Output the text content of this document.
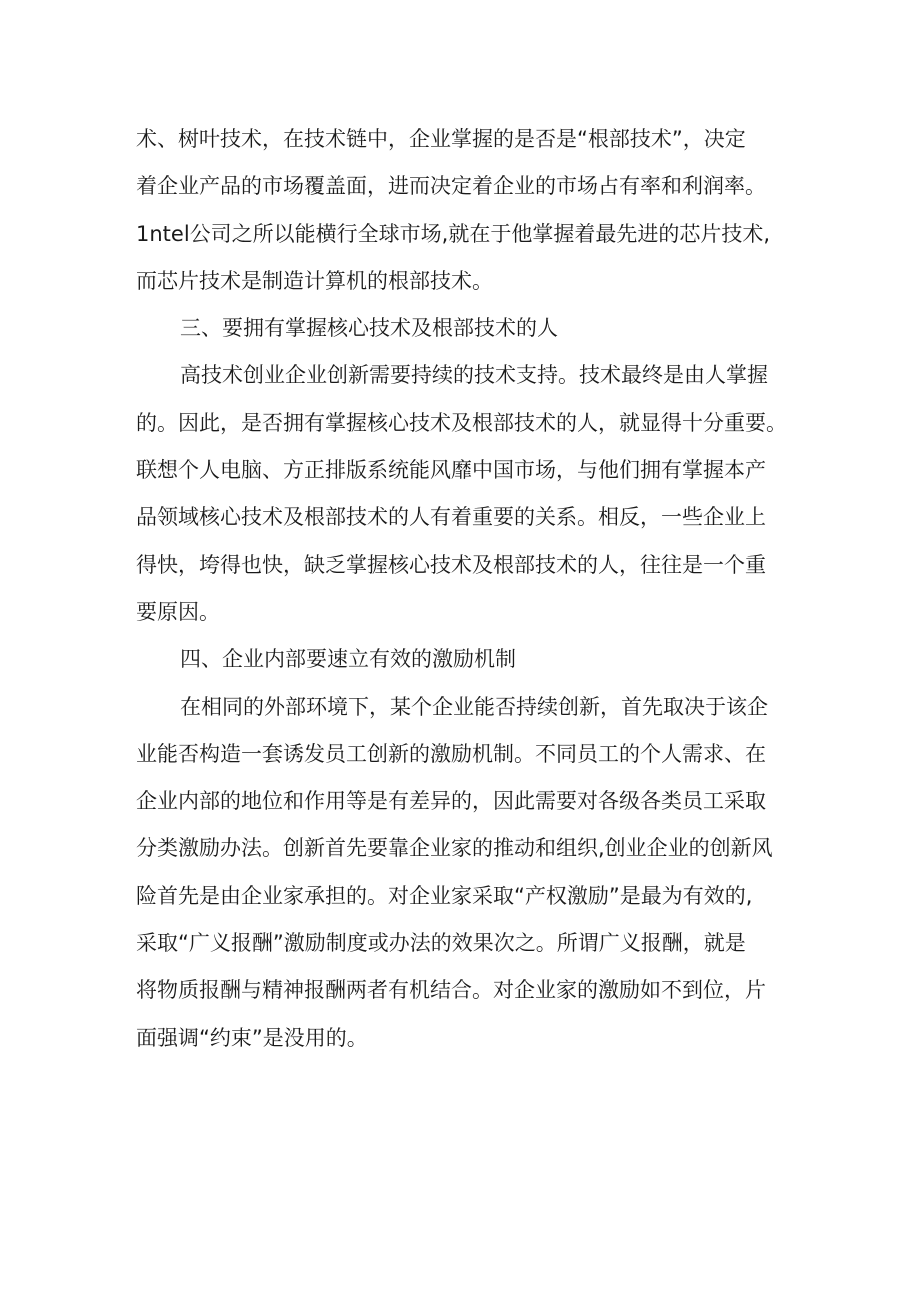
术、树叶技术，在技术链中，企业掌握的是否是“根部技术”，决定
着企业产品的市场覆盖面，进而决定着企业的市场占有率和利润率。
1ntel公司之所以能横行全球市场,就在于他掌握着最先进的芯片技术,
而芯片技术是制造计算机的根部技术。
三、要拥有掌握核心技术及根部技术的人
高技术创业企业创新需要持续的技术支持。技术最终是由人掌握
的。因此，是否拥有掌握核心技术及根部技术的人，就显得十分重要。
联想个人电脑、方正排版系统能风靡中国市场，与他们拥有掌握本产
品领域核心技术及根部技术的人有着重要的关系。相反，一些企业上
得快，垮得也快，缺乏掌握核心技术及根部技术的人，往往是一个重
要原因。
四、企业内部要速立有效的激励机制
在相同的外部环境下，某个企业能否持续创新，首先取决于该企
业能否构造一套诱发员工创新的激励机制。不同员工的个人需求、在
企业内部的地位和作用等是有差异的，因此需要对各级各类员工采取
分类激励办法。创新首先要靠企业家的推动和组织,创业企业的创新风
险首先是由企业家承担的。对企业家采取“产权激励”是最为有效的,
采取“广义报酬”激励制度或办法的效果次之。所谓广义报酬，就是
将物质报酬与精神报酬两者有机结合。对企业家的激励如不到位，片
面强调“约束”是没用的。
